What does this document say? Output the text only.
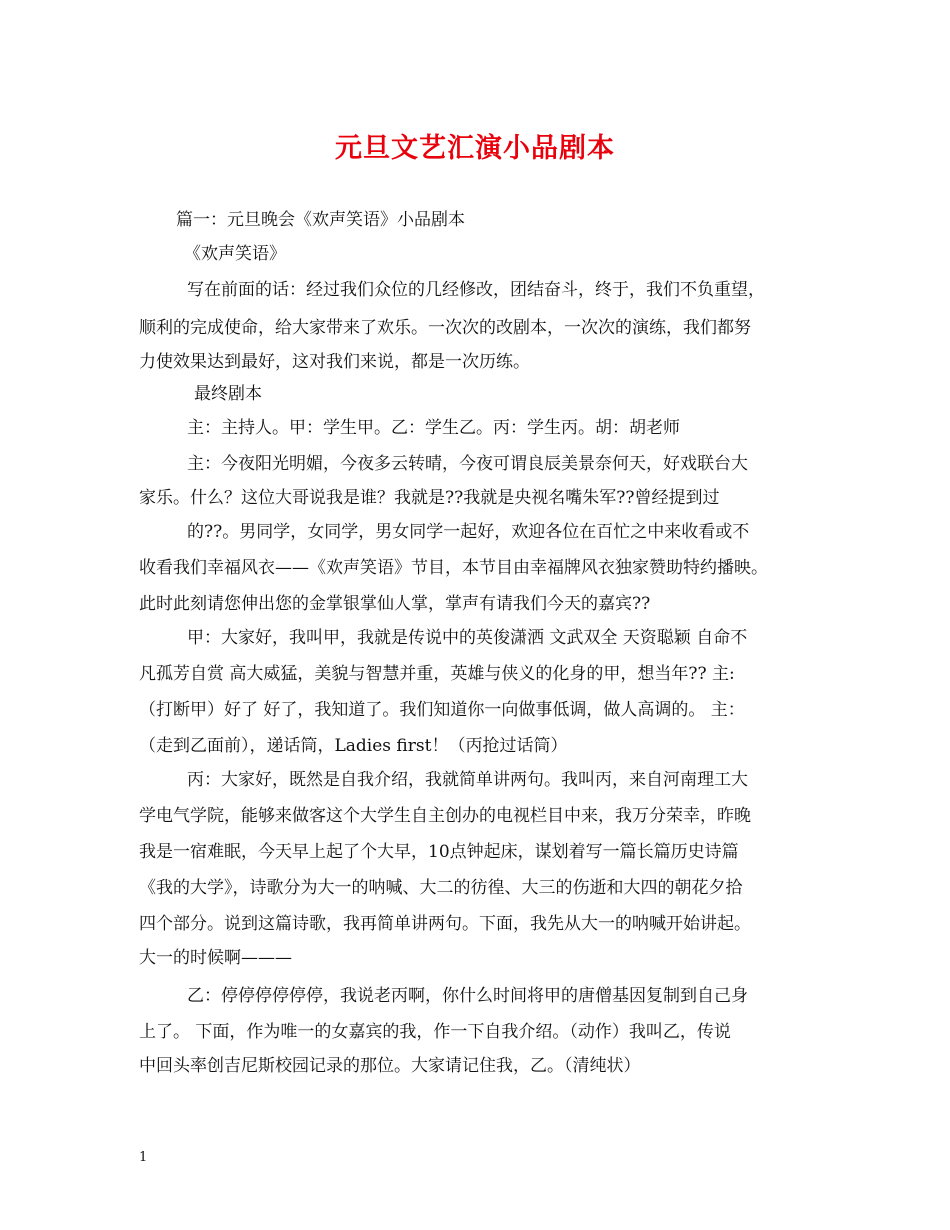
元旦文艺汇演小品剧本
篇一：元旦晚会《欢声笑语》小品剧本
《欢声笑语》
写在前面的话：经过我们众位的几经修改，团结奋斗，终于，我们不负重望，
顺利的完成使命，给大家带来了欢乐。一次次的改剧本，一次次的演练，我们都努
力使效果达到最好，这对我们来说，都是一次历练。
最终剧本
主：主持人。甲：学生甲。乙：学生乙。丙：学生丙。胡：胡老师
主：今夜阳光明媚，今夜多云转晴，今夜可谓良辰美景奈何天，好戏联台大
家乐。什么？这位大哥说我是谁？我就是??我就是央视名嘴朱军??曾经提到过
的??。男同学，女同学，男女同学一起好，欢迎各位在百忙之中来收看或不
收看我们幸福风衣——《欢声笑语》节目，本节目由幸福牌风衣独家赞助特约播映。
此时此刻请您伸出您的金掌银掌仙人掌，掌声有请我们今天的嘉宾??
甲：大家好，我叫甲，我就是传说中的英俊潇洒 文武双全 天资聪颖 自命不
凡孤芳自赏 高大威猛，美貌与智慧并重，英雄与侠义的化身的甲，想当年?? 主:
（打断甲）好了 好了，我知道了。我们知道你一向做事低调，做人高调的。 主：
（走到乙面前），递话筒，Ladies first！（丙抢过话筒）
丙：大家好，既然是自我介绍，我就简单讲两句。我叫丙，来自河南理工大
学电气学院，能够来做客这个大学生自主创办的电视栏目中来，我万分荣幸，昨晚
我是一宿难眠，今天早上起了个大早，10点钟起床，谋划着写一篇长篇历史诗篇
《我的大学》，诗歌分为大一的呐喊、大二的彷徨、大三的伤逝和大四的朝花夕拾
四个部分。说到这篇诗歌，我再简单讲两句。下面，我先从大一的呐喊开始讲起。
大一的时候啊———
乙：停停停停停停，我说老丙啊，你什么时间将甲的唐僧基因复制到自己身
上了。 下面，作为唯一的女嘉宾的我，作一下自我介绍。（动作）我叫乙，传说
中回头率创吉尼斯校园记录的那位。大家请记住我，乙。（清纯状）
1
